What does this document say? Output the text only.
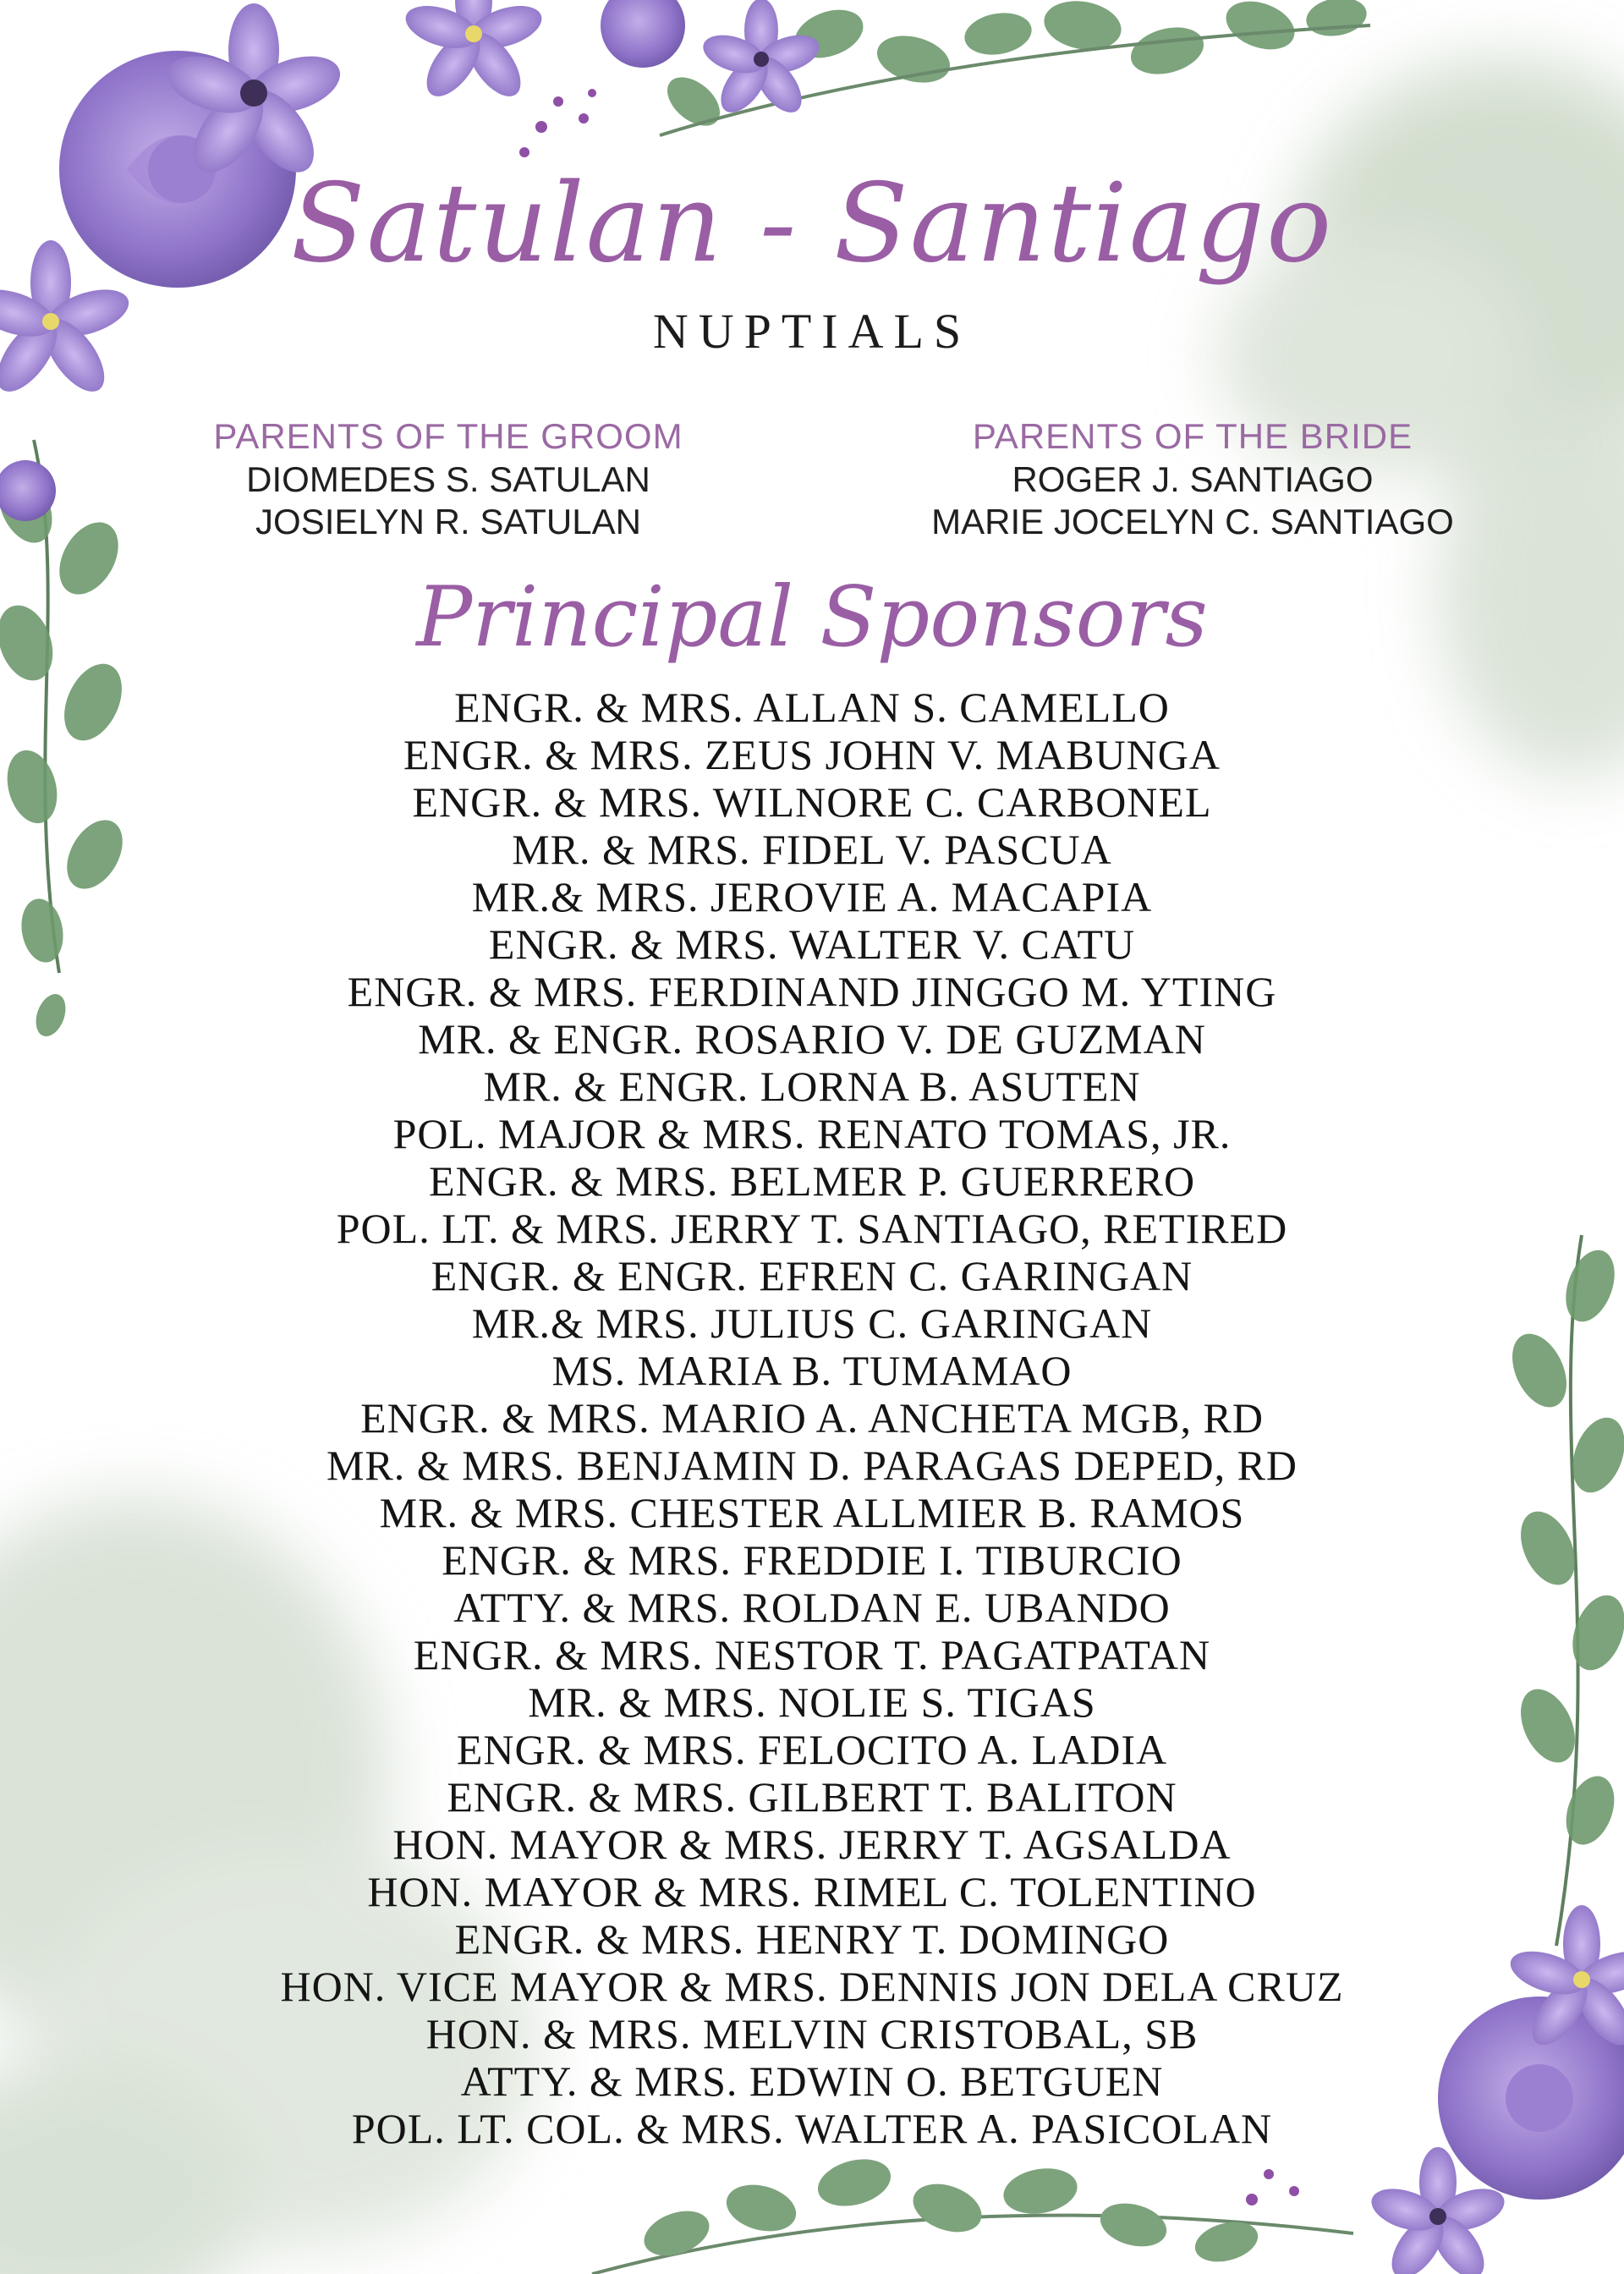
Satulan - Santiago
NUPTIALS
PARENTS OF THE GROOM
DIOMEDES S. SATULAN
JOSIELYN R. SATULAN
PARENTS OF THE BRIDE
ROGER J. SANTIAGO
MARIE JOCELYN C. SANTIAGO
Principal Sponsors
ENGR. & MRS. ALLAN S. CAMELLO
ENGR. & MRS. ZEUS JOHN V. MABUNGA
ENGR. & MRS. WILNORE C. CARBONEL
MR. & MRS. FIDEL V. PASCUA
MR.& MRS. JEROVIE A. MACAPIA
ENGR. & MRS. WALTER V. CATU
ENGR. & MRS. FERDINAND JINGGO M. YTING
MR. & ENGR. ROSARIO V. DE GUZMAN
MR. & ENGR. LORNA B. ASUTEN
POL. MAJOR & MRS. RENATO TOMAS, JR.
ENGR. & MRS. BELMER P. GUERRERO
POL. LT. & MRS. JERRY T. SANTIAGO, RETIRED
ENGR. & ENGR. EFREN C. GARINGAN
MR.& MRS. JULIUS C. GARINGAN
MS. MARIA B. TUMAMAO
ENGR. & MRS. MARIO A. ANCHETA MGB, RD
MR. & MRS. BENJAMIN D. PARAGAS DEPED, RD
MR. & MRS. CHESTER ALLMIER B. RAMOS
ENGR. & MRS. FREDDIE I. TIBURCIO
ATTY. & MRS. ROLDAN E. UBANDO
ENGR. & MRS. NESTOR T. PAGATPATAN
MR. & MRS. NOLIE S. TIGAS
ENGR. & MRS. FELOCITO A. LADIA
ENGR. & MRS. GILBERT T. BALITON
HON. MAYOR & MRS. JERRY T. AGSALDA
HON. MAYOR & MRS. RIMEL C. TOLENTINO
ENGR. & MRS. HENRY T. DOMINGO
HON. VICE MAYOR & MRS. DENNIS JON DELA CRUZ
HON. & MRS. MELVIN CRISTOBAL, SB
ATTY. & MRS. EDWIN O. BETGUEN
POL. LT. COL. & MRS. WALTER A. PASICOLAN
